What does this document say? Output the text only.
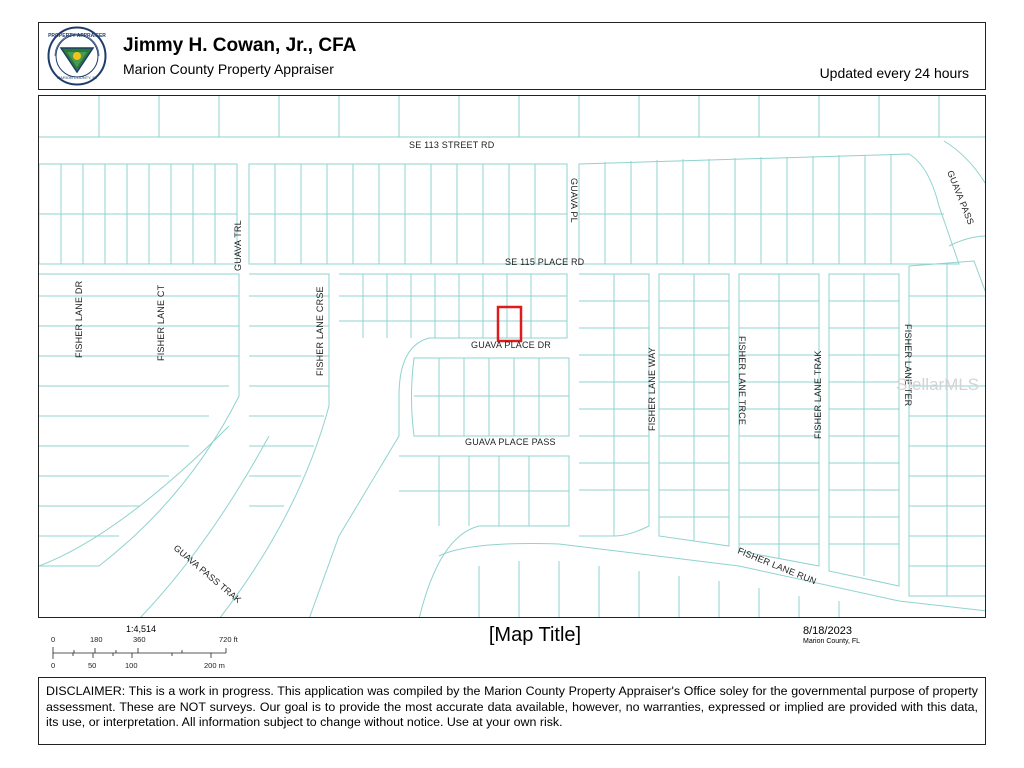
PROPERTY APPRAISER
MARION COUNTY, FL
Jimmy H. Cowan, Jr., CFA
Marion County Property Appraiser	Updated every 24 hours
SE 113 STREET RD
SE 115 PLACE RD
GUAVA PL
GUAVA TRL
GUAVA PASS
FISHER LANE DR	FISHER LANE CT	FISHER LANE CRSE	GUAVA PLACE DR
GUAVA PLACE PASS
FISHER LANE WAY	FISHER LANE TRCE	FISHER LANE TRAK	FISHER LANE TER
GUAVA PASS TRAK	FISHER LANE RUN
StellarMLS
1:4,514
0	180	360	720 ft
0	50	100	200 m
[Map Title]	8/18/2023
Marion County, FL
DISCLAIMER: This is a work in progress. This application was compiled by the Marion County Property Appraiser's Office soley for the governmental purpose of property assessment. These are NOT surveys. Our goal is to provide the most accurate data available, however, no warranties, expressed or implied are provided with this data, its use, or interpretation. All information subject to change without notice. Use at your own risk.
